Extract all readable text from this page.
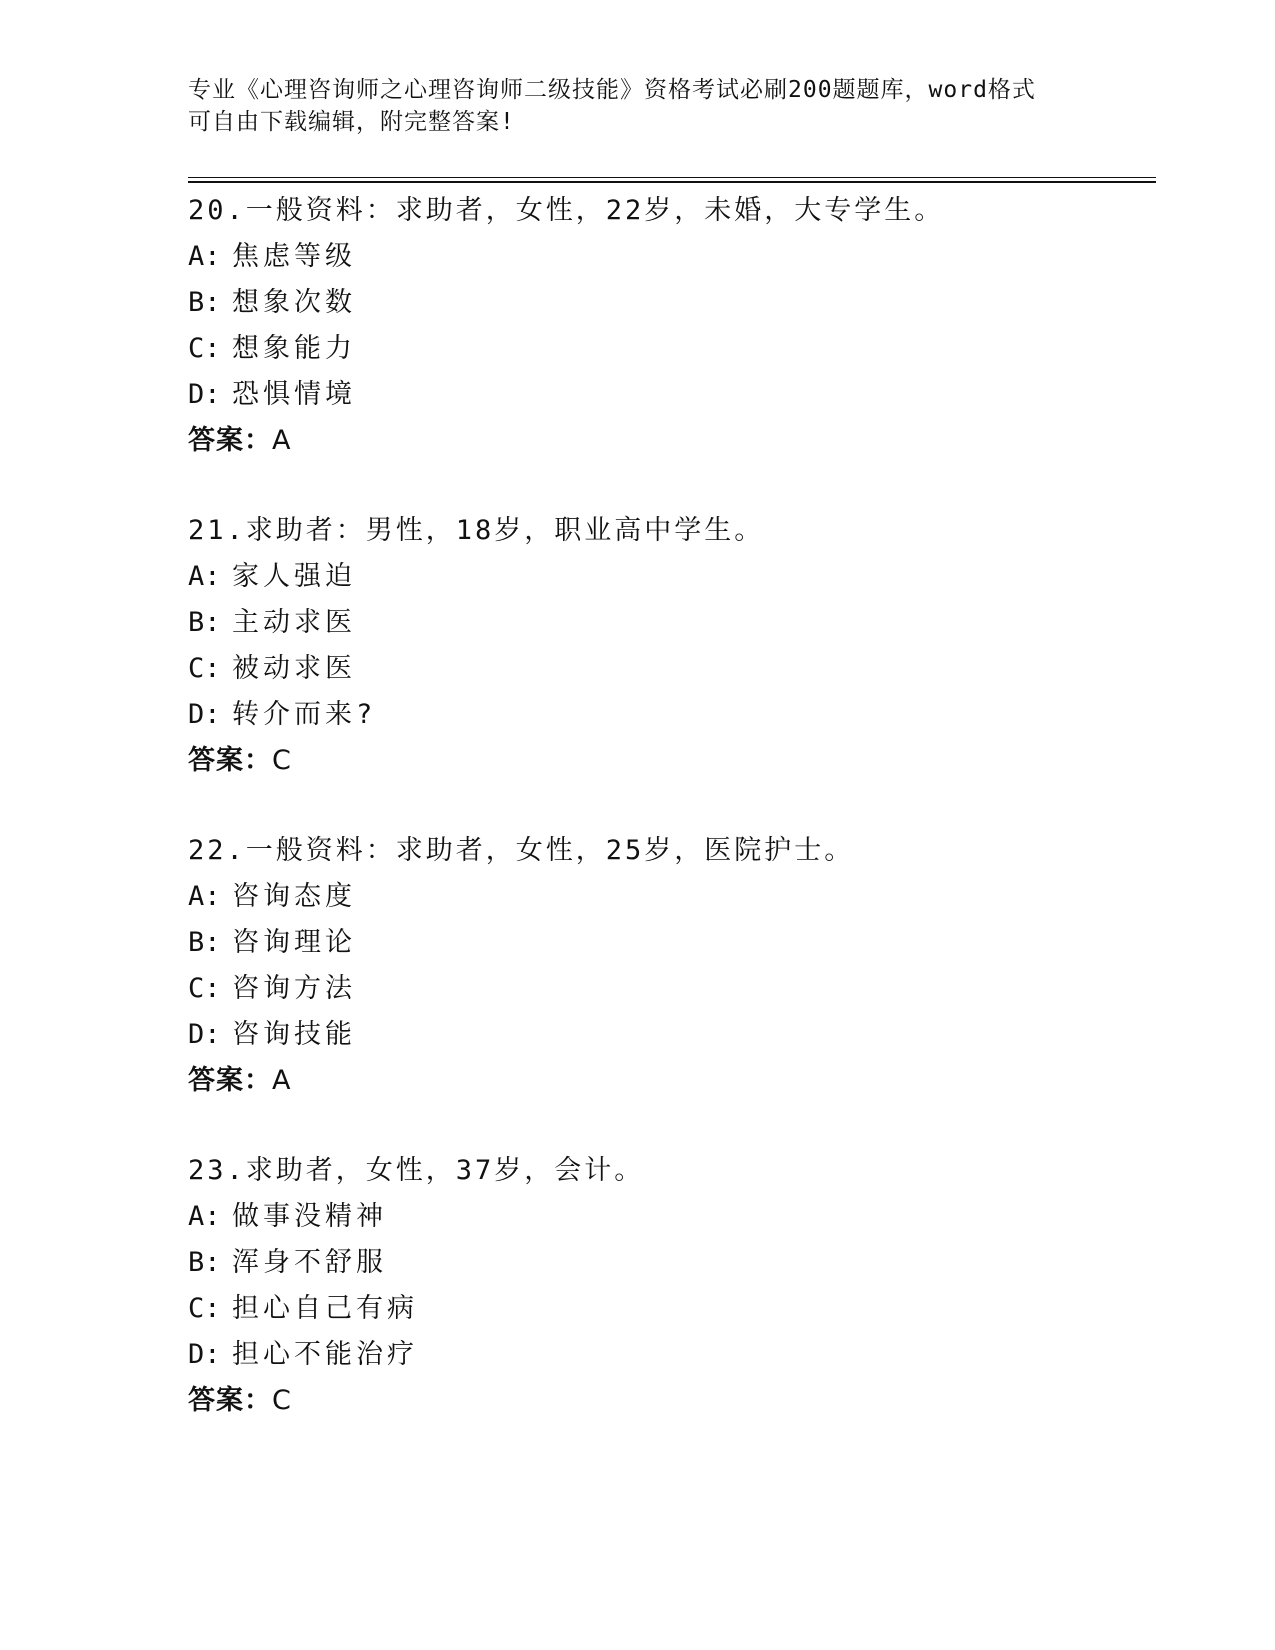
专业《心理咨询师之心理咨询师二级技能》资格考试必刷200题题库，word格式
可自由下载编辑，附完整答案!
20.一般资料：求助者，女性，22岁，未婚，大专学生。
A: 焦虑等级
B: 想象次数
C: 想象能力
D: 恐惧情境
答案：A
21.求助者：男性，18岁，职业高中学生。
A: 家人强迫
B: 主动求医
C: 被动求医
D: 转介而来?
答案：C
22.一般资料：求助者，女性，25岁，医院护士。
A: 咨询态度
B: 咨询理论
C: 咨询方法
D: 咨询技能
答案：A
23.求助者，女性，37岁，会计。
A: 做事没精神
B: 浑身不舒服
C: 担心自己有病
D: 担心不能治疗
答案：C
